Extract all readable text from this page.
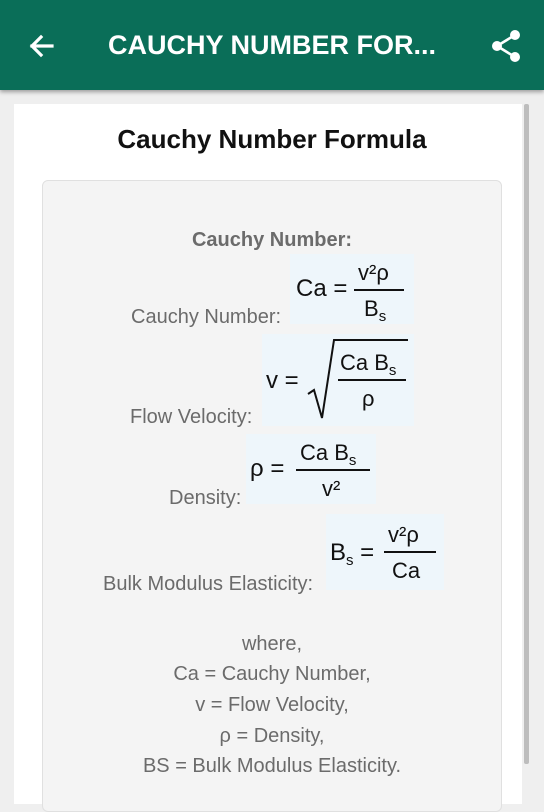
CAUCHY NUMBER FOR...
Cauchy Number Formula
Cauchy Number:
Cauchy Number:
Ca =
v²ρ
$B_s$
Flow Velocity:
v =
Ca $B_s$
ρ
Density:
ρ =
Ca $B_s$
v²
Bulk Modulus Elasticity:
$B_s$ =
v²ρ
Ca
where,
Ca = Cauchy Number,
v = Flow Velocity,
ρ = Density,
BS = Bulk Modulus Elasticity.
